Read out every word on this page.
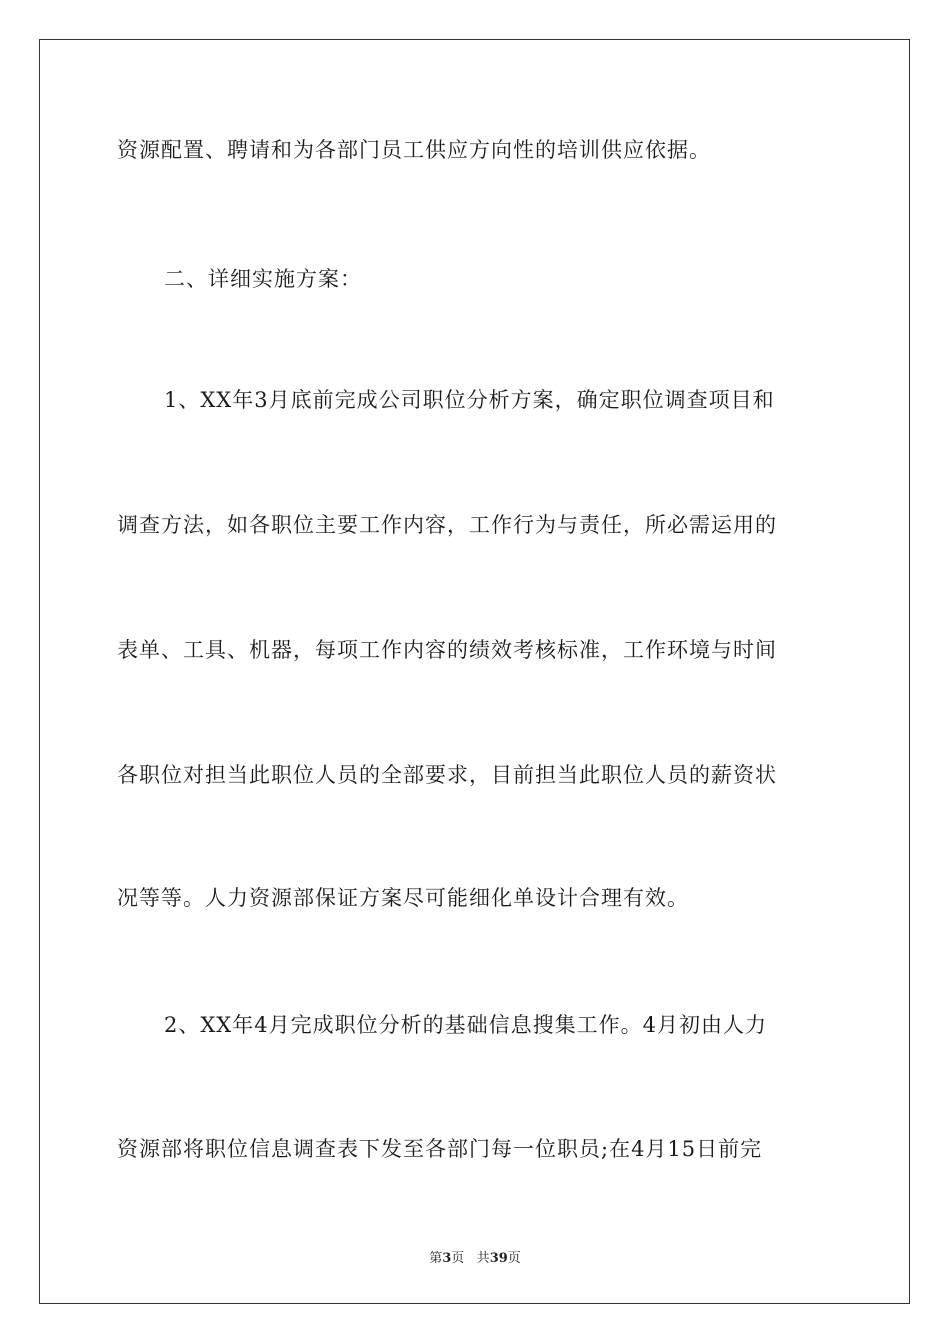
资源配置、聘请和为各部门员工供应方向性的培训供应依据。
二、详细实施方案：
1、XX年3月底前完成公司职位分析方案，确定职位调查项目和
调查方法，如各职位主要工作内容，工作行为与责任，所必需运用的
表单、工具、机器，每项工作内容的绩效考核标准，工作环境与时间
各职位对担当此职位人员的全部要求，目前担当此职位人员的薪资状
况等等。人力资源部保证方案尽可能细化单设计合理有效。
2、XX年4月完成职位分析的基础信息搜集工作。4月初由人力
资源部将职位信息调查表下发至各部门每一位职员;在4月15日前完
第3页 共39页
